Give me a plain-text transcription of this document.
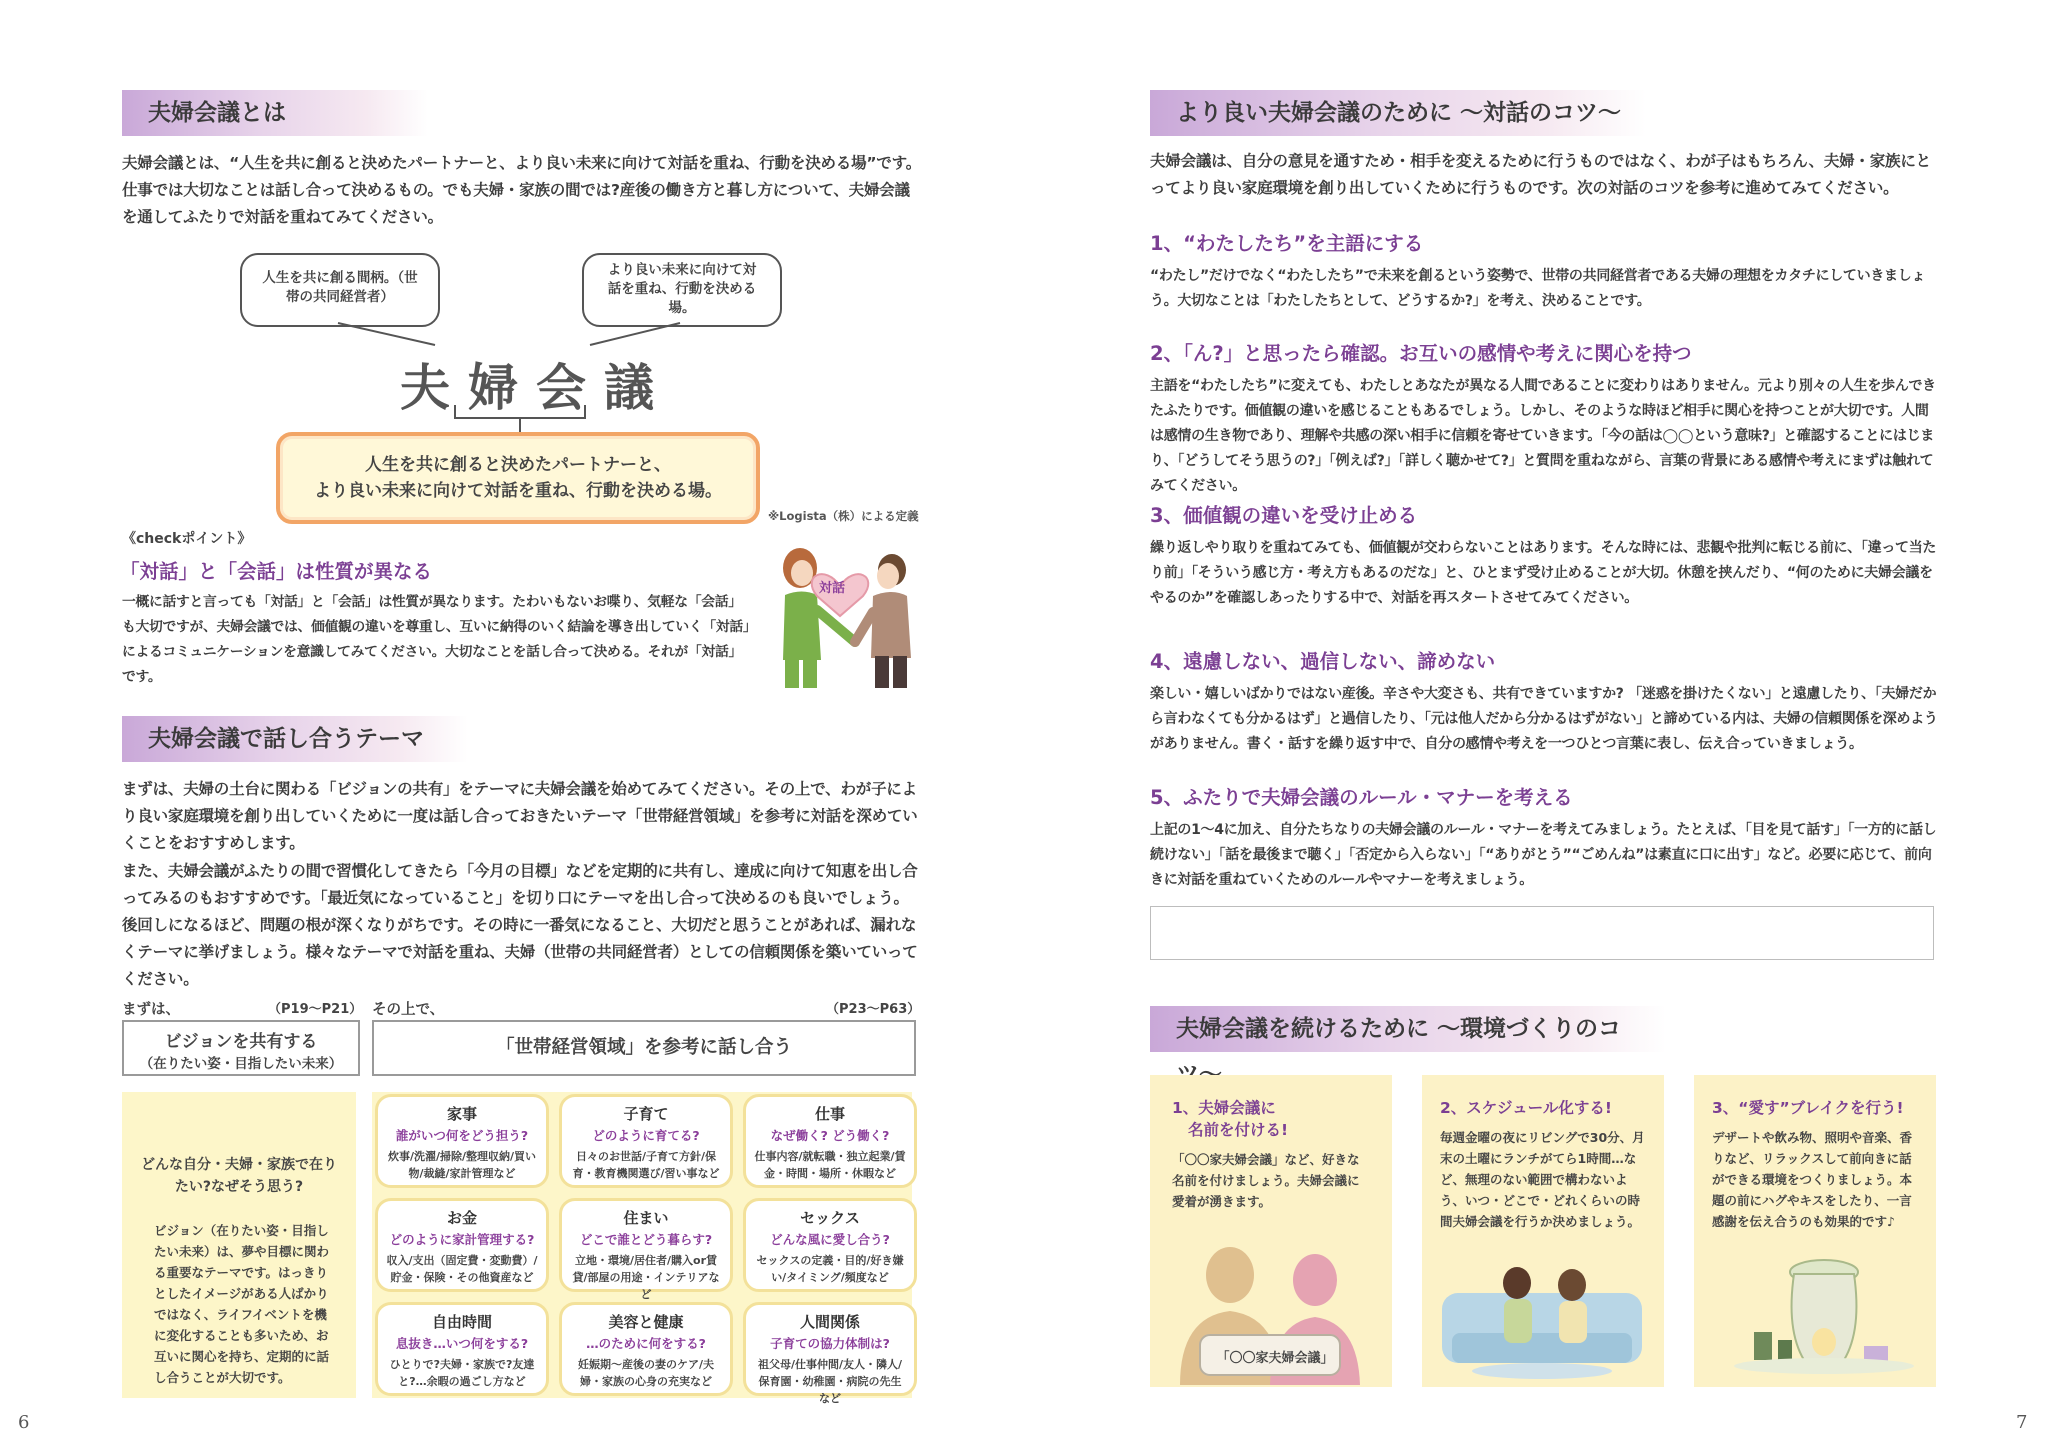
夫婦会議とは
夫婦会議とは、“人生を共に創ると決めたパートナーと、より良い未来に向けて対話を重ね、行動を決める場”です。仕事では大切なことは話し合って決めるもの。でも夫婦・家族の間では?産後の働き方と暮し方について、夫婦会議を通してふたりで対話を重ねてみてください。
人生を共に創る間柄。（世帯の共同経営者）
より良い未来に向けて対話を重ね、行動を決める場。
夫婦会議
人生を共に創ると決めたパートナーと、
より良い未来に向けて対話を重ね、行動を決める場。
※Logista（株）による定義
《checkポイント》
「対話」と「会話」は性質が異なる
一概に話すと言っても「対話」と「会話」は性質が異なります。たわいもないお喋り、気軽な「会話」も大切ですが、夫婦会議では、価値観の違いを尊重し、互いに納得のいく結論を導き出していく「対話」によるコミュニケーションを意識してみてください。大切なことを話し合って決める。それが「対話」です。
対話
夫婦会議で話し合うテーマ
まずは、夫婦の土台に関わる「ビジョンの共有」をテーマに夫婦会議を始めてみてください。その上で、わが子により良い家庭環境を創り出していくために一度は話し合っておきたいテーマ「世帯経営領域」を参考に対話を深めていくことをおすすめします。
また、夫婦会議がふたりの間で習慣化してきたら「今月の目標」などを定期的に共有し、達成に向けて知恵を出し合ってみるのもおすすめです。「最近気になっていること」を切り口にテーマを出し合って決めるのも良いでしょう。後回しになるほど、問題の根が深くなりがちです。その時に一番気になること、大切だと思うことがあれば、漏れなくテーマに挙げましょう。様々なテーマで対話を重ね、夫婦（世帯の共同経営者）としての信頼関係を築いていってください。
まずは、	（P19〜P21） その上で、	（P23〜P63）
ビジョンを共有する
（在りたい姿・目指したい未来）
「世帯経営領域」を参考に話し合う
どんな自分・夫婦・家族で在りたい?なぜそう思う?
ビジョン（在りたい姿・目指したい未来）は、夢や目標に関わる重要なテーマです。はっきりとしたイメージがある人ばかりではなく、ライフイベントを機に変化することも多いため、お互いに関心を持ち、定期的に話し合うことが大切です。
家事
誰がいつ何をどう担う?
炊事/洗濯/掃除/整理収納/買い物/裁縫/家計管理など
子育て
どのように育てる?
日々のお世話/子育て方針/保育・教育機関選び/習い事など
仕事
なぜ働く? どう働く?
仕事内容/就転職・独立起業/賃金・時間・場所・休暇など
お金
どのように家計管理する?
収入/支出（固定費・変動費）/貯金・保険・その他資産など
住まい
どこで誰とどう暮らす?
立地・環境/居住者/購入or賃貸/部屋の用途・インテリアなど
セックス
どんな風に愛し合う?
セックスの定義・目的/好き嫌い/タイミング/頻度など
自由時間
息抜き…いつ何をする?
ひとりで?夫婦・家族で?友達と?…余暇の過ごし方など
美容と健康
…のために何をする?
妊娠期〜産後の妻のケア/夫婦・家族の心身の充実など
人間関係
子育ての協力体制は?
祖父母/仕事仲間/友人・隣人/保育園・幼稚園・病院の先生など
6
より良い夫婦会議のために 〜対話のコツ〜
夫婦会議は、自分の意見を通すため・相手を変えるために行うものではなく、わが子はもちろん、夫婦・家族にとってより良い家庭環境を創り出していくために行うものです。次の対話のコツを参考に進めてみてください。
1、“わたしたち”を主語にする
“わたし”だけでなく“わたしたち”で未来を創るという姿勢で、世帯の共同経営者である夫婦の理想をカタチにしていきましょう。大切なことは「わたしたちとして、どうするか?」を考え、決めることです。
2、「ん?」と思ったら確認。お互いの感情や考えに関心を持つ
主語を“わたしたち”に変えても、わたしとあなたが異なる人間であることに変わりはありません。元より別々の人生を歩んできたふたりです。価値観の違いを感じることもあるでしょう。しかし、そのような時ほど相手に関心を持つことが大切です。人間は感情の生き物であり、理解や共感の深い相手に信頼を寄せていきます。「今の話は◯◯という意味?」と確認することにはじまり、「どうしてそう思うの?」「例えば?」「詳しく聴かせて?」と質問を重ねながら、言葉の背景にある感情や考えにまずは触れてみてください。
3、価値観の違いを受け止める
繰り返しやり取りを重ねてみても、価値観が交わらないことはあります。そんな時には、悲観や批判に転じる前に、「違って当たり前」「そういう感じ方・考え方もあるのだな」と、ひとまず受け止めることが大切。休憩を挟んだり、“何のために夫婦会議をやるのか”を確認しあったりする中で、対話を再スタートさせてみてください。
4、遠慮しない、過信しない、諦めない
楽しい・嬉しいばかりではない産後。辛さや大変さも、共有できていますか? 「迷惑を掛けたくない」と遠慮したり、「夫婦だから言わなくても分かるはず」と過信したり、「元は他人だから分かるはずがない」と諦めている内は、夫婦の信頼関係を深めようがありません。書く・話すを繰り返す中で、自分の感情や考えを一つひとつ言葉に表し、伝え合っていきましょう。
5、ふたりで夫婦会議のルール・マナーを考える
上記の1〜4に加え、自分たちなりの夫婦会議のルール・マナーを考えてみましょう。たとえば、「目を見て話す」「一方的に話し続けない」「話を最後まで聴く」「否定から入らない」「“ありがとう”“ごめんね”は素直に口に出す」など。必要に応じて、前向きに対話を重ねていくためのルールやマナーを考えましょう。
夫婦会議を続けるために 〜環境づくりのコ
1、夫婦会議に
名前を付ける!
「〇〇家夫婦会議」など、好きな名前を付けましょう。夫婦会議に愛着が湧きます。
「〇〇家夫婦会議」
2、スケジュール化する!
毎週金曜の夜にリビングで30分、月末の土曜にランチがてら1時間…など、無理のない範囲で構わないよう、いつ・どこで・どれくらいの時間夫婦会議を行うか決めましょう。
3、“愛す”ブレイクを行う!
デザートや飲み物、照明や音楽、香りなど、リラックスして前向きに話ができる環境をつくりましょう。本題の前にハグやキスをしたり、一言感謝を伝え合うのも効果的です♪
7
